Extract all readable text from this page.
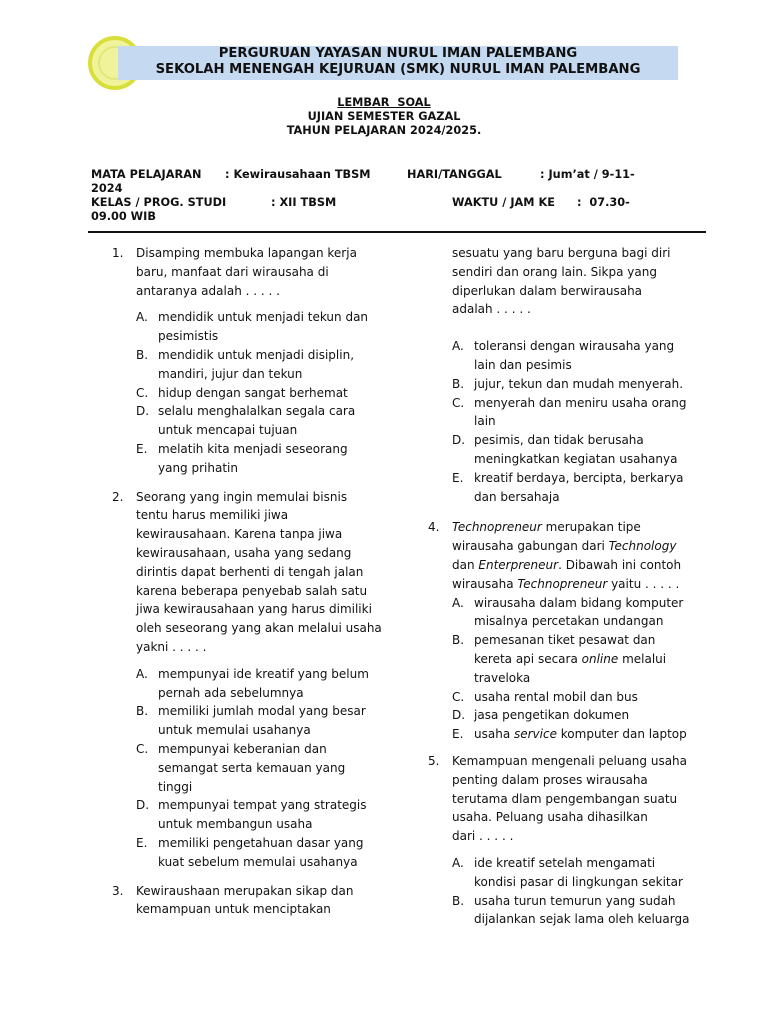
PERGURUAN YAYASAN NURUL IMAN PALEMBANG
SEKOLAH MENENGAH KEJURUAN (SMK) NURUL IMAN PALEMBANG
LEMBAR  SOAL
UJIAN SEMESTER GAZAL
TAHUN PELAJARAN 2024/2025.
MATA PELAJARAN : Kewirausahaan TBSM	HARI/TANGGAL	: Jum’at / 9-11-
2024
KELAS / PROG. STUDI	: XII TBSM	WAKTU / JAM KE :  07.30-
09.00 WIB
1. Disamping membuka lapangan kerja
baru, manfaat dari wirausaha di
antaranya adalah . . . . .
A. mendidik untuk menjadi tekun dan
pesimistis
B. mendidik untuk menjadi disiplin,
mandiri, jujur dan tekun
C. hidup dengan sangat berhemat
D. selalu menghalalkan segala cara
untuk mencapai tujuan
E. melatih kita menjadi seseorang
yang prihatin
2. Seorang yang ingin memulai bisnis
tentu harus memiliki jiwa
kewirausahaan. Karena tanpa jiwa
kewirausahaan, usaha yang sedang
dirintis dapat berhenti di tengah jalan
karena beberapa penyebab salah satu
jiwa kewirausahaan yang harus dimiliki
oleh seseorang yang akan melalui usaha
yakni . . . . .
A. mempunyai ide kreatif yang belum
pernah ada sebelumnya
B. memiliki jumlah modal yang besar
untuk memulai usahanya
C. mempunyai keberanian dan
semangat serta kemauan yang
tinggi
D. mempunyai tempat yang strategis
untuk membangun usaha
E. memiliki pengetahuan dasar yang
kuat sebelum memulai usahanya
3. Kewiraushaan merupakan sikap dan
kemampuan untuk menciptakan
sesuatu yang baru berguna bagi diri
sendiri dan orang lain. Sikpa yang
diperlukan dalam berwirausaha
adalah . . . . .
A. toleransi dengan wirausaha yang
lain dan pesimis
B. jujur, tekun dan mudah menyerah.
C. menyerah dan meniru usaha orang
lain
D. pesimis, dan tidak berusaha
meningkatkan kegiatan usahanya
E. kreatif berdaya, bercipta, berkarya
dan bersahaja
4. Technopreneur merupakan tipe
wirausaha gabungan dari Technology
dan Enterpreneur. Dibawah ini contoh
wirausaha Technopreneur yaitu . . . . .
A. wirausaha dalam bidang komputer
misalnya percetakan undangan
B. pemesanan tiket pesawat dan
kereta api secara online melalui
traveloka
C. usaha rental mobil dan bus
D. jasa pengetikan dokumen
E. usaha service komputer dan laptop
5. Kemampuan mengenali peluang usaha
penting dalam proses wirausaha
terutama dlam pengembangan suatu
usaha. Peluang usaha dihasilkan
dari . . . . .
A. ide kreatif setelah mengamati
kondisi pasar di lingkungan sekitar
B. usaha turun temurun yang sudah
dijalankan sejak lama oleh keluarga
